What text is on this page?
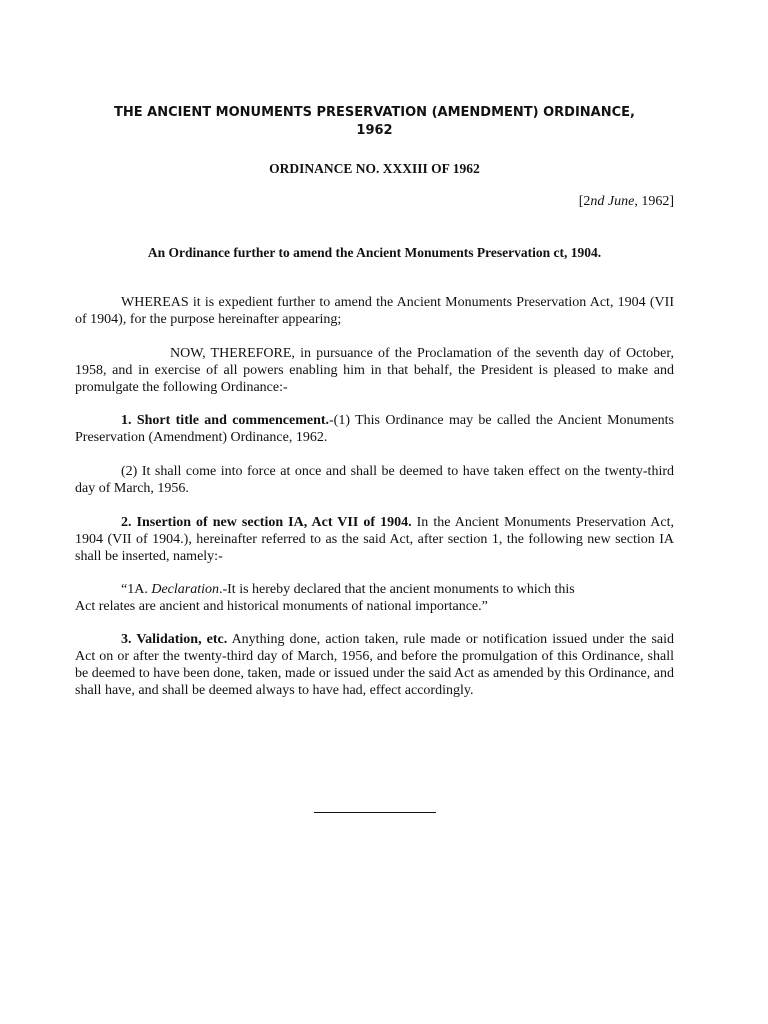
THE ANCIENT MONUMENTS PRESERVATION (AMENDMENT) ORDINANCE,
1962
ORDINANCE NO. XXXIII OF 1962
[2nd June, 1962]
An Ordinance further to amend the Ancient Monuments Preservation ct, 1904.

WHEREAS it is expedient further to amend the Ancient Monuments Preservation Act, 1904 (VII of 1904), for the purpose hereinafter appearing;

NOW, THEREFORE, in pursuance of the Proclamation of the seventh day of October, 1958, and in exercise of all powers enabling him in that behalf, the President is pleased to make and promulgate the following Ordinance:-

1. Short title and commencement.-(1) This Ordinance may be called the Ancient Monuments Preservation (Amendment) Ordinance, 1962.

(2) It shall come into force at once and shall be deemed to have taken effect on the twenty-third day of March, 1956.

2. Insertion of new section IA, Act VII of 1904. In the Ancient Monuments Preservation Act, 1904 (VII of 1904.), hereinafter referred to as the said Act, after section 1, the following new section IA shall be inserted, namely:-

“1A. Declaration.-It is hereby declared that the ancient monuments to which this
Act relates are ancient and historical monuments of national importance.”

3. Validation, etc. Anything done, action taken, rule made or notification issued under the said Act on or after the twenty-third day of March, 1956, and before the promulgation of this Ordinance, shall be deemed to have been done, taken, made or issued under the said Act as amended by this Ordinance, and shall have, and shall be deemed always to have had, effect accordingly.
